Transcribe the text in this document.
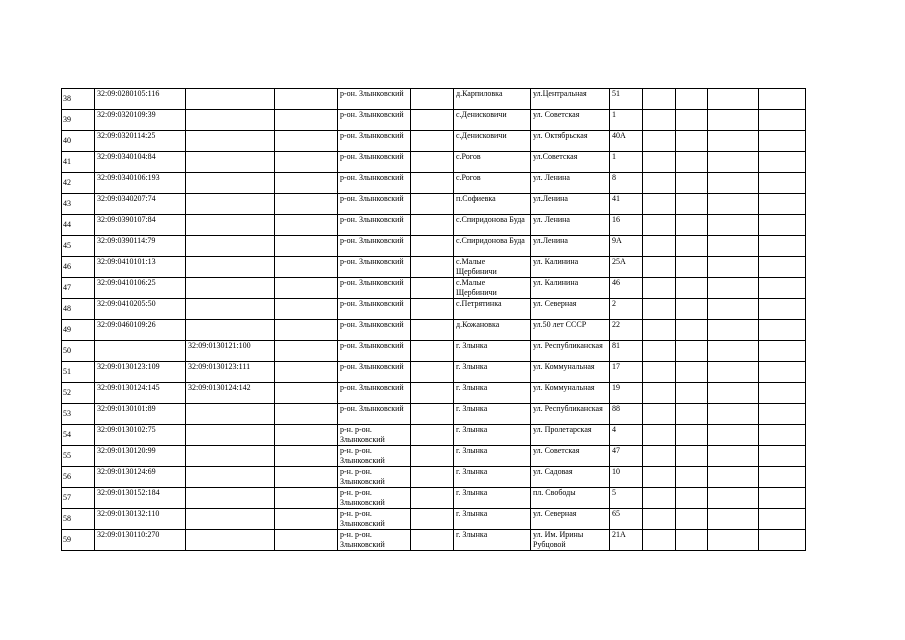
38	32:09:0280105:116			р-он. Злынковский		д.Карпиловка	ул.Центральная	51				
39	32:09:0320109:39			р-он. Злынковский		с.Денисковичи	ул. Советская	1				
40	32:09:0320114:25			р-он. Злынковский		с.Денисковичи	ул. Октябрьская	40А				
41	32:09:0340104:84			р-он. Злынковский		с.Рогов	ул.Советская	1				
42	32:09:0340106:193			р-он. Злынковский		с.Рогов	ул. Ленина	8				
43	32:09:0340207:74			р-он. Злынковский		п.Софиевка	ул.Ленина	41				
44	32:09:0390107:84			р-он. Злынковский		с.Спиридонова Буда	ул. Ленина	16				
45	32:09:0390114:79			р-он. Злынковский		с.Спиридонова Буда	ул.Ленина	9А				
46	32:09:0410101:13			р-он. Злынковский		с.Малые Щербиничи	ул. Калинина	25А				
47	32:09:0410106:25			р-он. Злынковский		с.Малые Щербиничи	ул. Калинина	46				
48	32:09:0410205:50			р-он. Злынковский		с.Петрятинка	ул. Северная	2				
49	32:09:0460109:26			р-он. Злынковский		д.Кожановка	ул.50 лет СССР	22				
50		32:09:0130121:100		р-он. Злынковский		г. Злынка	ул. Республиканская	81				
51	32:09:0130123:109	32:09:0130123:111		р-он. Злынковский		г. Злынка	ул. Коммунальная	17				
52	32:09:0130124:145	32:09:0130124:142		р-он. Злынковский		г. Злынка	ул. Коммунальная	19				
53	32:09:0130101:89			р-он. Злынковский		г. Злынка	ул. Республиканская	88				
54	32:09:0130102:75			р-н. р-он. Злынковский		г. Злынка	ул. Пролетарская	4				
55	32:09:0130120:99			р-н. р-он. Злынковский		г. Злынка	ул. Советская	47				
56	32:09:0130124:69			р-н. р-он. Злынковский		г. Злынка	ул. Садовая	10				
57	32:09:0130152:184			р-н. р-он. Злынковский		г. Злынка	пл. Свободы	5				
58	32:09:0130132:110			р-н. р-он. Злынковский		г. Злынка	ул. Северная	65				
59	32:09:0130110:270			р-н. р-он. Злынковский		г. Злынка	ул. Им. Ирины Рубцовой	21А				
